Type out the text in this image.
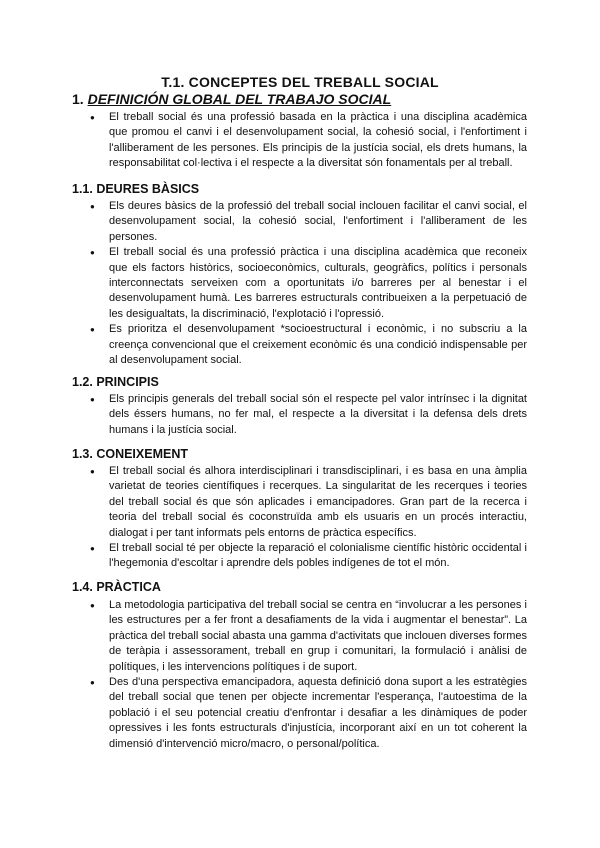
T.1. CONCEPTES DEL TREBALL SOCIAL
1. DEFINICIÓN GLOBAL DEL TRABAJO SOCIAL
● El treball social és una professió basada en la pràctica i una disciplina acadèmica que promou el canvi i el desenvolupament social, la cohesió social, i l'enfortiment i l'alliberament de les persones. Els principis de la justícia social, els drets humans, la responsabilitat col·lectiva i el respecte a la diversitat són fonamentals per al treball.
1.1. DEURES BÀSICS
● Els deures bàsics de la professió del treball social inclouen facilitar el canvi social, el desenvolupament social, la cohesió social, l'enfortiment i l'alliberament de les persones.
● El treball social és una professió pràctica i una disciplina acadèmica que reconeix que els factors històrics, socioeconòmics, culturals, geogràfics, polítics i personals interconnectats serveixen com a oportunitats i/o barreres per al benestar i el desenvolupament humà. Les barreres estructurals contribueixen a la perpetuació de les desigualtats, la discriminació, l'explotació i l'opressió.
● Es prioritza el desenvolupament *socioestructural i econòmic, i no subscriu a la creença convencional que el creixement econòmic és una condició indispensable per al desenvolupament social.
1.2. PRINCIPIS
● Els principis generals del treball social són el respecte pel valor intrínsec i la dignitat dels éssers humans, no fer mal, el respecte a la diversitat i la defensa dels drets humans i la justícia social.
1.3. CONEIXEMENT
● El treball social és alhora interdisciplinari i transdisciplinari, i es basa en una àmplia varietat de teories científiques i recerques. La singularitat de les recerques i teories del treball social és que són aplicades i emancipadores. Gran part de la recerca i teoria del treball social és coconstruïda amb els usuaris en un procés interactiu, dialogat i per tant informats pels entorns de pràctica específics.
● El treball social té per objecte la reparació el colonialisme científic històric occidental i l'hegemonia d'escoltar i aprendre dels pobles indígenes de tot el món.
1.4. PRÀCTICA
● La metodologia participativa del treball social se centra en “involucrar a les persones i les estructures per a fer front a desafiaments de la vida i augmentar el benestar”. La pràctica del treball social abasta una gamma d'activitats que inclouen diverses formes de teràpia i assessorament, treball en grup i comunitari, la formulació i anàlisi de polítiques, i les intervencions polítiques i de suport.
● Des d'una perspectiva emancipadora, aquesta definició dona suport a les estratègies del treball social que tenen per objecte incrementar l'esperança, l'autoestima de la població i el seu potencial creatiu d'enfrontar i desafiar a les dinàmiques de poder opressives i les fonts estructurals d'injustícia, incorporant així en un tot coherent la dimensió d'intervenció micro/macro, o personal/política.
